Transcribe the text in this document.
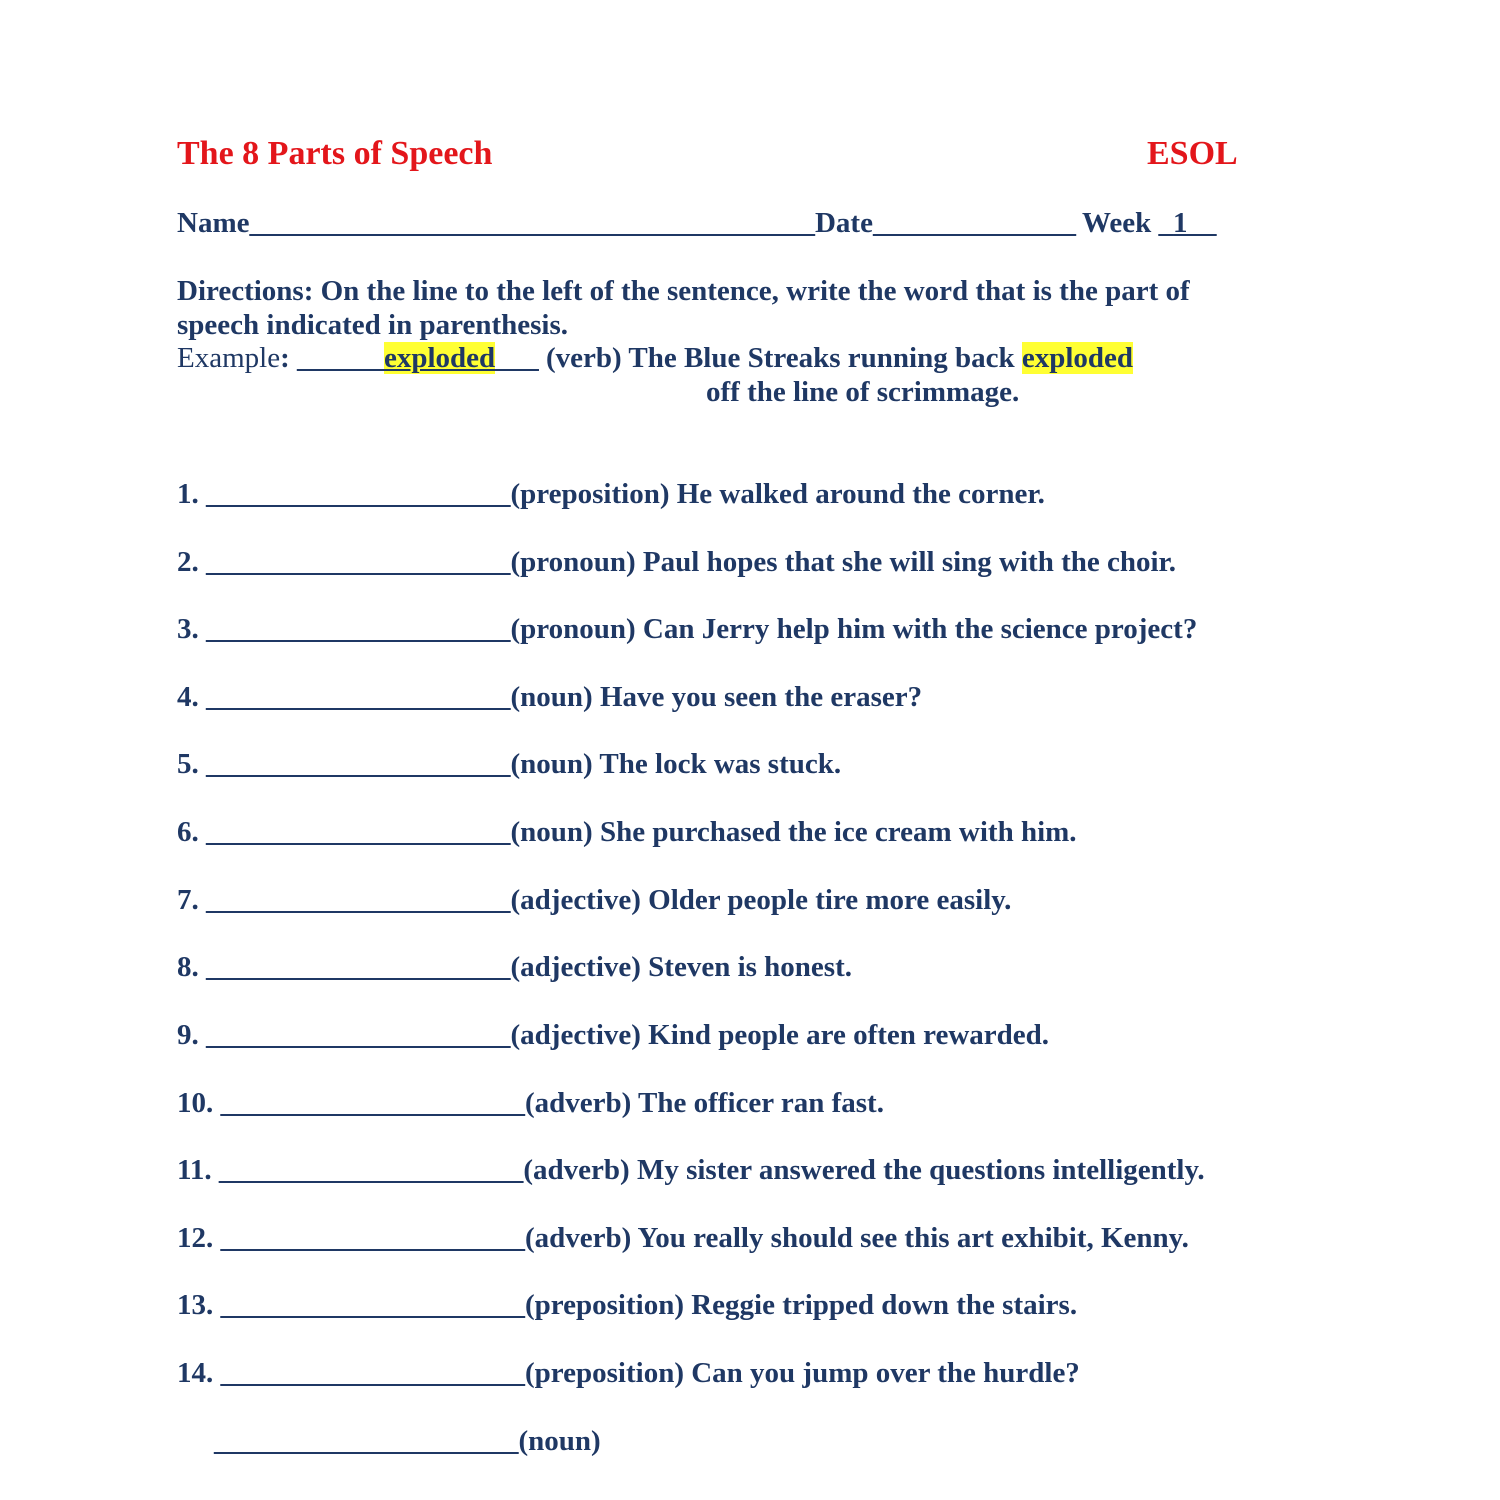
The 8 Parts of Speech	ESOL
Name_______________________________________Date______________ Week _1__
Directions: On the line to the left of the sentence, write the word that is the part of
speech indicated in parenthesis.
Example: ______exploded___ (verb) The Blue Streaks running back exploded
off the line of scrimmage.
1. _____________________(preposition) He walked around the corner.
2. _____________________(pronoun) Paul hopes that she will sing with the choir.
3. _____________________(pronoun) Can Jerry help him with the science project?
4. _____________________(noun) Have you seen the eraser?
5. _____________________(noun) The lock was stuck.
6. _____________________(noun) She purchased the ice cream with him.
7. _____________________(adjective) Older people tire more easily.
8. _____________________(adjective) Steven is honest.
9. _____________________(adjective) Kind people are often rewarded.
10. _____________________(adverb) The officer ran fast.
11. _____________________(adverb) My sister answered the questions intelligently.
12. _____________________(adverb) You really should see this art exhibit, Kenny.
13. _____________________(preposition) Reggie tripped down the stairs.
14. _____________________(preposition) Can you jump over the hurdle?
_____________________(noun)
